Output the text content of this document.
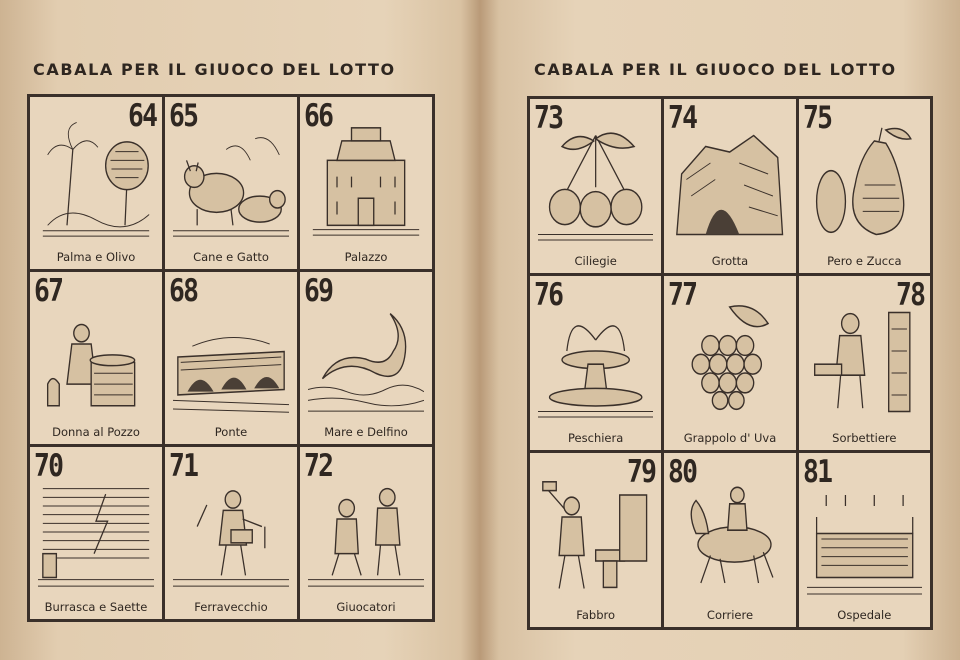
CABALA PER IL GIUOCO DEL LOTTO
64
Palma e Olivo
65
Cane e Gatto
66
Palazzo
67
Donna al Pozzo
68
Ponte
69
Mare e Delfino
70
Burrasca e Saette
71
Ferravecchio
72
Giuocatori
CABALA PER IL GIUOCO DEL LOTTO
73
Ciliegie
74
Grotta
75
Pero e Zucca
76
Peschiera
77
Grappolo d' Uva
78
Sorbettiere
79
Fabbro
80
Corriere
81
Ospedale
